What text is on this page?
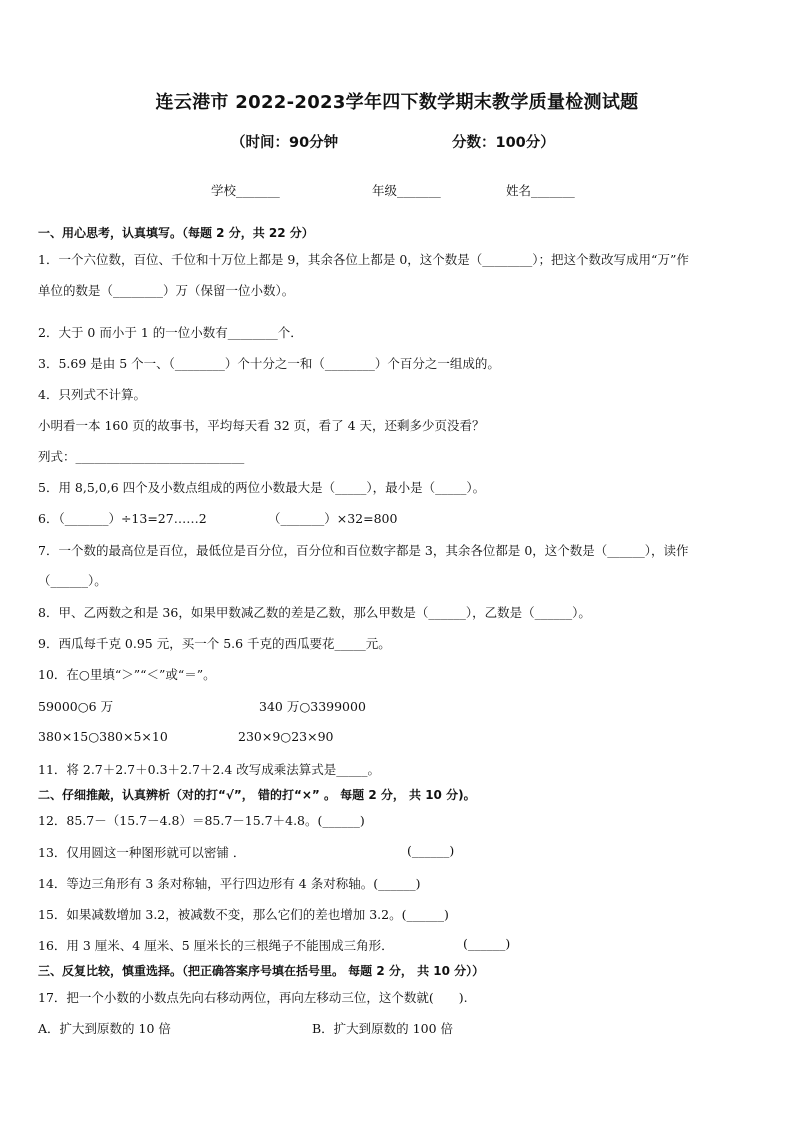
连云港市 2022-2023学年四下数学期末教学质量检测试题
（时间：90分钟	分数：100分）
学校_______	年级_______	姓名_______
一、用心思考，认真填写。（每题 2 分，共 22 分）
1．一个六位数，百位、千位和十万位上都是 9，其余各位上都是 0，这个数是（________）；把这个数改写成用“万”作
单位的数是（________）万（保留一位小数）。
2．大于 0 而小于 1 的一位小数有________个．
3．5.69 是由 5 个一、（________）个十分之一和（________）个百分之一组成的。
4．只列式不计算。
小明看一本 160 页的故事书，平均每天看 32 页，看了 4 天，还剩多少页没看？
列式：___________________________
5．用 8,5,0,6 四个及小数点组成的两位小数最大是（_____），最小是（_____）。
6．（_______）÷13=27……2	（_______）×32=800
7．一个数的最高位是百位，最低位是百分位，百分位和百位数字都是 3，其余各位都是 0，这个数是（______），读作
（______）。
8．甲、乙两数之和是 36，如果甲数减乙数的差是乙数，那么甲数是（______），乙数是（______）。
9．西瓜每千克 0.95 元，买一个 5.6 千克的西瓜要花_____元。
10．在○里填“＞”“＜”或“＝”。
59000○6 万	340 万○3399000
380×15○380×5×10	230×9○23×90
11．将 2.7＋2.7＋0.3＋2.7＋2.4 改写成乘法算式是_____。
二、仔细推敲，认真辨析（对的打“√”， 错的打“×” 。 每题 2 分， 共 10 分)。
12．85.7－（15.7－4.8）＝85.7－15.7＋4.8。(______)
13．仅用圆这一种图形就可以密铺 ．	(______)
14．等边三角形有 3 条对称轴，平行四边形有 4 条对称轴。(______)
15．如果减数增加 3.2，被减数不变，那么它们的差也增加 3.2。(______)
16．用 3 厘米、4 厘米、5 厘米长的三根绳子不能围成三角形．	(______)
三、反复比较，慎重选择。（把正确答案序号填在括号里。 每题 2 分， 共 10 分））
17．把一个小数的小数点先向右移动两位，再向左移动三位，这个数就(　　).
A．扩大到原数的 10 倍	B．扩大到原数的 100 倍
